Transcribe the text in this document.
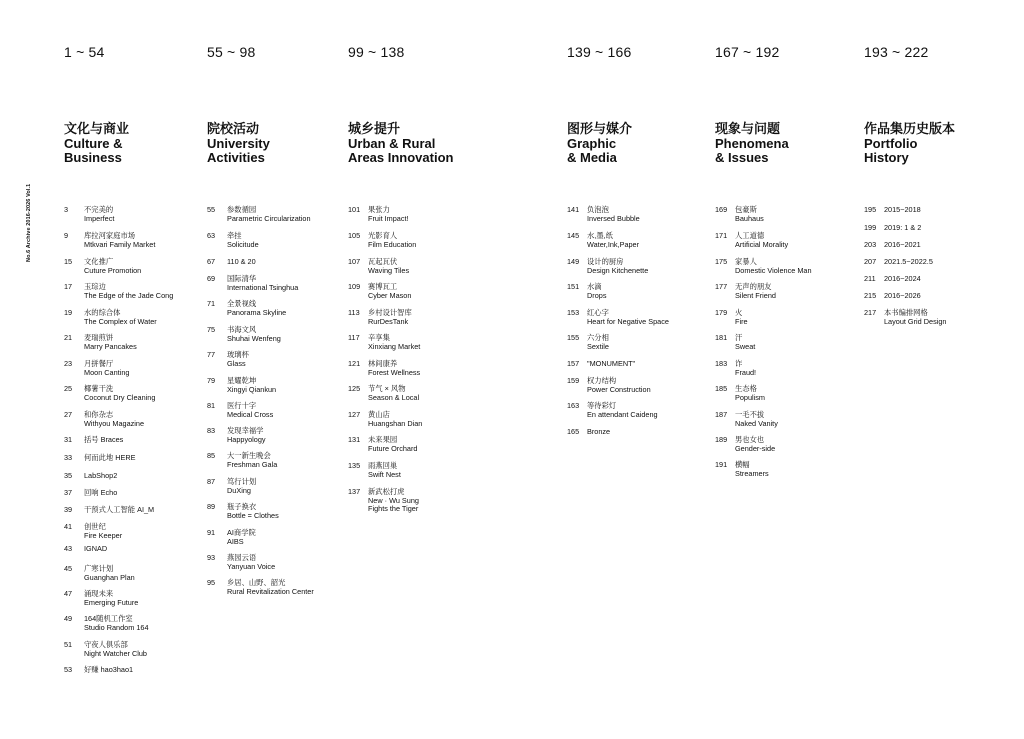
No.6 Archive 2016-2026 Vol.1
1 ~ 54
文化与商业
Culture &
Business
3	不完美的
Imperfect
9	库拉河家庭市场
Mtkvari Family Market
15	文化推广
Cuture Promotion
17	玉琮边
The Edge of the Jade Cong
19	水的综合体
The Complex of Water
21	麦瑞煎饼
Marry Pancakes
23	月拼餐厅
Moon Canting
25	椰薯干洗
Coconut Dry Cleaning
27	和你杂志
Withyou Magazine
31	括号 Braces
33	何而此地 HERE
35	LabShop2
37	回响 Echo
39	干预式人工智能 AI_M
41	创世纪
Fire Keeper
43	IGNAD
45	广寒计划
Guanghan Plan
47	涌现未来
Emerging Future
49	164随机工作室
Studio Random 164
51	守夜人俱乐部
Night Watcher Club
53	好赚 hao3hao1
55 ~ 98
院校活动
University
Activities
55	参数循园
Parametric Circularization
63	牵挂
Solicitude
67	110 & 20
69	国际清华
International Tsinghua
71	全景视线
Panorama Skyline
75	书海文风
Shuhai Wenfeng
77	玻璃杯
Glass
79	星耀乾坤
Xingyi Qiankun
81	医行十字
Medical Cross
83	发现幸福学
Happyology
85	大一新生晚会
Freshman Gala
87	笃行计划
DuXing
89	瓶子换衣
Bottle = Clothes
91	AI商学院
AIBS
93	燕园云语
Yanyuan Voice
95	乡居、山野、韶光
Rural Revitalization Center
99 ~ 138
城乡提升
Urban & Rural
Areas Innovation
101	果张力
Fruit Impact!
105	光影育人
Film Education
107	瓦起瓦伏
Waving Tiles
109	赛博瓦工
Cyber Mason
113	乡村设计智库
RurDesTank
117	辛享集
Xinxiang Market
121	林间康养
Forest Wellness
125	节气 × 风物
Season & Local
127	黄山店
Huangshan Dian
131	未来果园
Future Orchard
135	雨燕回巢
Swift Nest
137	新武松打虎
New · Wu Sung
Fights the Tiger
139 ~ 166
图形与媒介
Graphic
& Media
141	负泡泡
Inversed Bubble
145	水,墨,纸
Water,Ink,Paper
149	设计的厨房
Design Kitchenette
151	水滴
Drops
153	红心字
Heart for Negative Space
155	六分相
Sextile
157	"MONUMENT"
159	权力结构
Power Construction
163	等待彩灯
En attendant Caideng
165	Bronze
167 ~ 192
现象与问题
Phenomena
& Issues
169	包豪斯
Bauhaus
171	人工道德
Artificial Morality
175	家暴人
Domestic Violence Man
177	无声的朋友
Silent Friend
179	火
Fire
181	汗
Sweat
183	诈
Fraud!
185	生态格
Populism
187	一毛不拔
Naked Vanity
189	男也女也
Gender-side
191	横幅
Streamers
193 ~ 222
作品集历史版本
Portfolio
History
195	2015~2018
199	2019: 1 & 2
203	2016~2021
207	2021.5~2022.5
211	2016~2024
215	2016~2026
217	本书编排网格
Layout Grid Design
